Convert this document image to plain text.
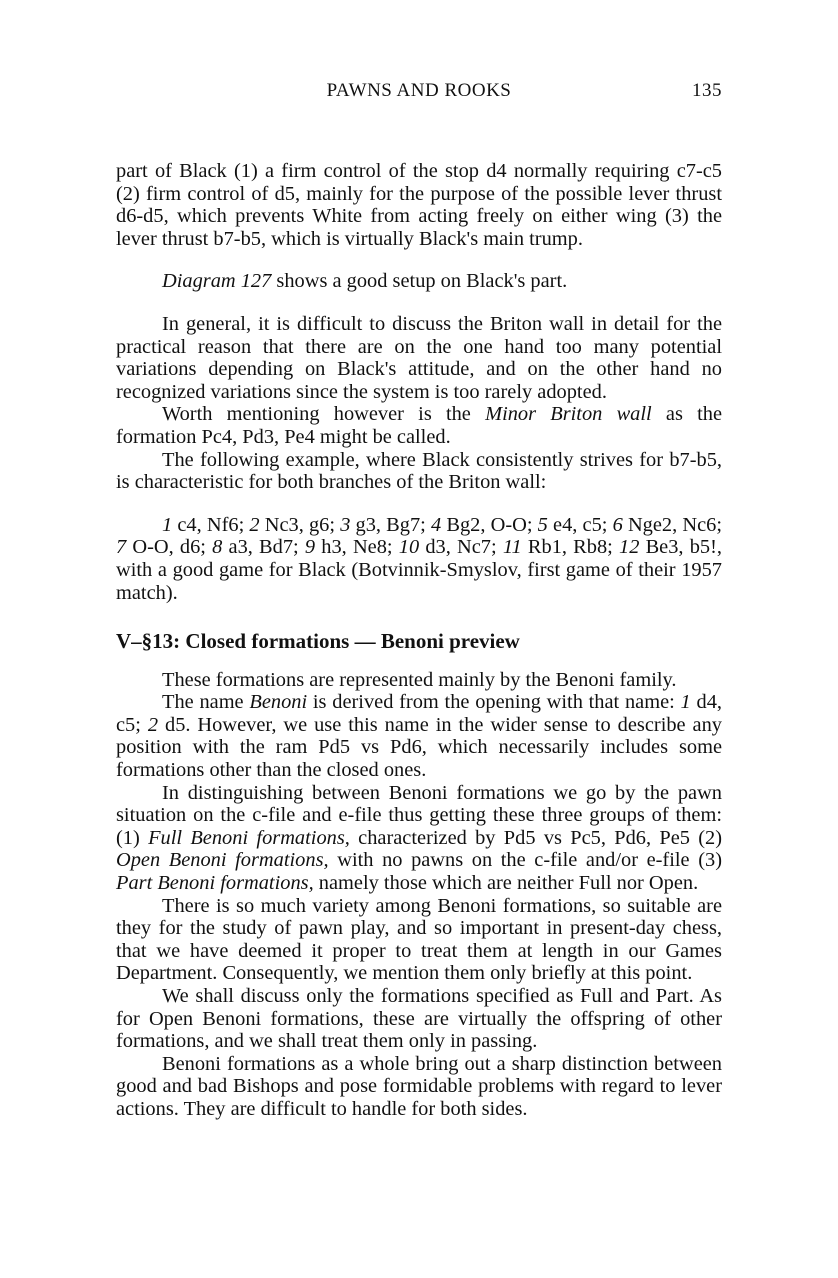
PAWNS AND ROOKS	135

part of Black (1) a firm control of the stop d4 normally requiring c7-c5 (2) firm control of d5, mainly for the purpose of the possible lever thrust d6-d5, which prevents White from acting freely on either wing (3) the lever thrust b7-b5, which is virtually Black's main trump.

Diagram 127 shows a good setup on Black's part.

In general, it is difficult to discuss the Briton wall in detail for the practical reason that there are on the one hand too many potential variations depending on Black's attitude, and on the other hand no recognized variations since the system is too rarely adopted.

Worth mentioning however is the Minor Briton wall as the formation Pc4, Pd3, Pe4 might be called.

The following example, where Black consistently strives for b7-b5, is characteristic for both branches of the Briton wall:

1 c4, Nf6; 2 Nc3, g6; 3 g3, Bg7; 4 Bg2, O-O; 5 e4, c5; 6 Nge2, Nc6; 7 O-O, d6; 8 a3, Bd7; 9 h3, Ne8; 10 d3, Nc7; 11 Rb1, Rb8; 12 Be3, b5!, with a good game for Black (Botvinnik-Smyslov, first game of their 1957 match).

V–§13: Closed formations — Benoni preview

These formations are represented mainly by the Benoni family.

The name Benoni is derived from the opening with that name: 1 d4, c5; 2 d5. However, we use this name in the wider sense to describe any position with the ram Pd5 vs Pd6, which necessarily includes some formations other than the closed ones.

In distinguishing between Benoni formations we go by the pawn situation on the c-file and e-file thus getting these three groups of them: (1) Full Benoni formations, characterized by Pd5 vs Pc5, Pd6, Pe5 (2) Open Benoni formations, with no pawns on the c-file and/or e-file (3) Part Benoni formations, namely those which are neither Full nor Open.

There is so much variety among Benoni formations, so suitable are they for the study of pawn play, and so important in present-day chess, that we have deemed it proper to treat them at length in our Games Department. Consequently, we mention them only briefly at this point.

We shall discuss only the formations specified as Full and Part. As for Open Benoni formations, these are virtually the offspring of other formations, and we shall treat them only in passing.

Benoni formations as a whole bring out a sharp distinction between good and bad Bishops and pose formidable problems with regard to lever actions. They are difficult to handle for both sides.
